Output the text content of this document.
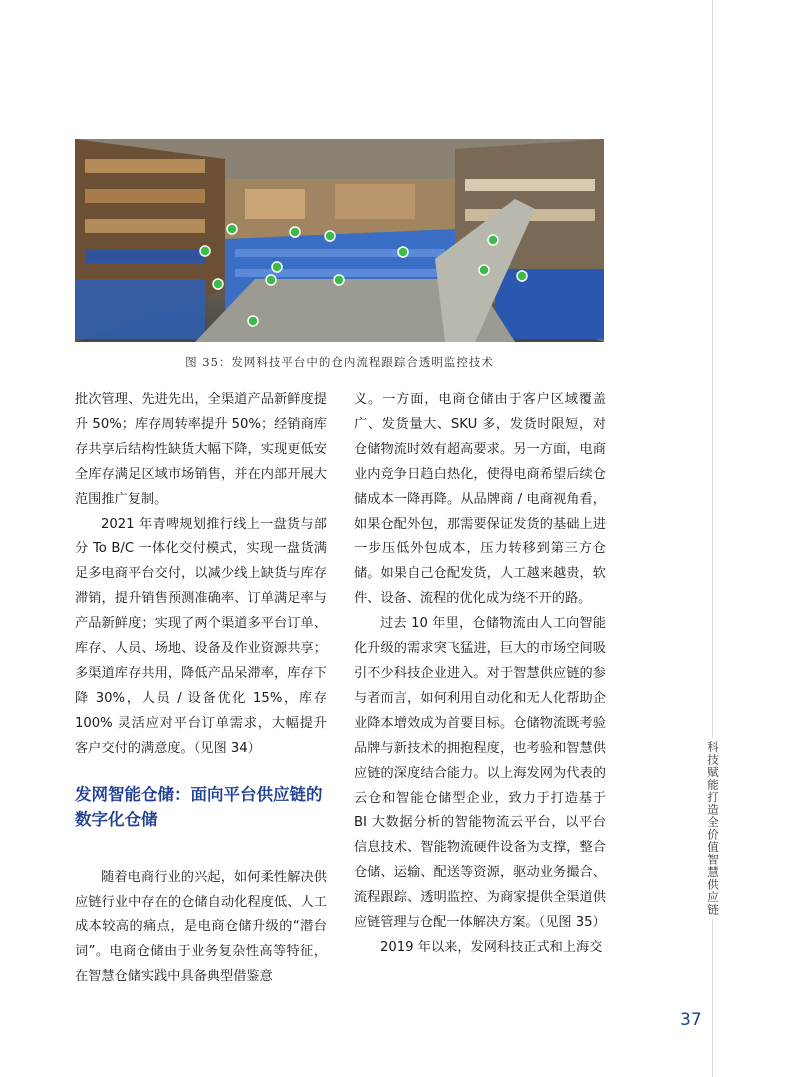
图 35：发网科技平台中的仓内流程跟踪合透明监控技术

批次管理、先进先出，全渠道产品新鲜度提升 50%；库存周转率提升 50%；经销商库存共享后结构性缺货大幅下降，实现更低安全库存满足区域市场销售，并在内部开展大范围推广复制。

2021 年青啤规划推行线上一盘货与部分 To B/C 一体化交付模式，实现一盘货满足多电商平台交付，以减少线上缺货与库存滞销，提升销售预测准确率、订单满足率与产品新鲜度；实现了两个渠道多平台订单、库存、人员、场地、设备及作业资源共享；多渠道库存共用，降低产品呆滞率，库存下降 30%，人员 / 设备优化 15%，库存 100% 灵活应对平台订单需求，大幅提升客户交付的满意度。（见图 34）

发网智能仓储：面向平台供应链的数字化仓储

随着电商行业的兴起，如何柔性解决供应链行业中存在的仓储自动化程度低、人工成本较高的痛点，是电商仓储升级的“潜台词”。电商仓储由于业务复杂性高等特征，在智慧仓储实践中具备典型借鉴意

义。一方面，电商仓储由于客户区域覆盖广、发货量大、SKU 多，发货时限短，对仓储物流时效有超高要求。另一方面，电商业内竞争日趋白热化，使得电商希望后续仓储成本一降再降。从品牌商 / 电商视角看，如果仓配外包，那需要保证发货的基础上进一步压低外包成本，压力转移到第三方仓储。如果自己仓配发货，人工越来越贵，软件、设备、流程的优化成为绕不开的路。

过去 10 年里，仓储物流由人工向智能化升级的需求突飞猛进，巨大的市场空间吸引不少科技企业进入。对于智慧供应链的参与者而言，如何利用自动化和无人化帮助企业降本增效成为首要目标。仓储物流既考验品牌与新技术的拥抱程度，也考验和智慧供应链的深度结合能力。以上海发网为代表的云仓和智能仓储型企业，致力于打造基于 BI 大数据分析的智能物流云平台，以平台信息技术、智能物流硬件设备为支撑，整合仓储、运输、配送等资源，驱动业务撮合、流程跟踪、透明监控、为商家提供全渠道供应链管理与仓配一体解决方案。（见图 35）

2019 年以来，发网科技正式和上海交

科技赋能打造全价值智慧供应链
37
